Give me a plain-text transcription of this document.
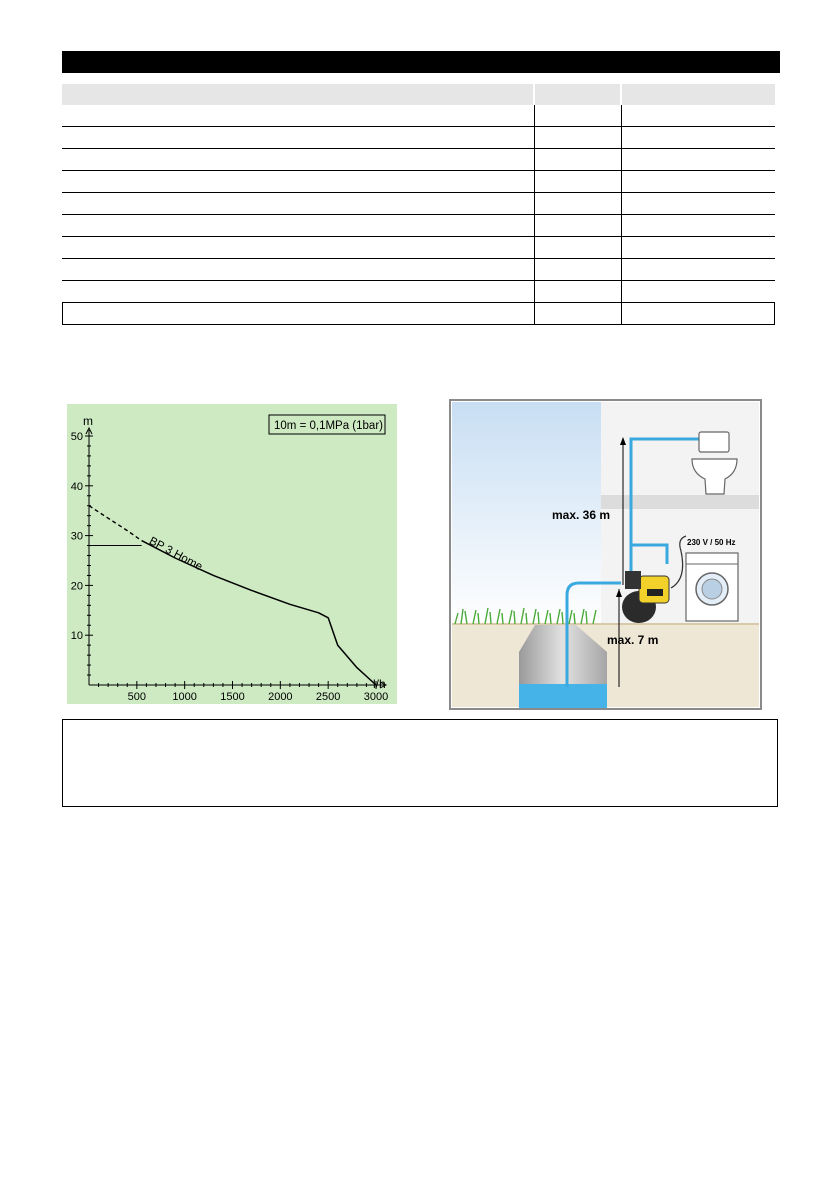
10
20
30
40
50
500 1000 1500 2000 2500 3000
m
l/h
10m = 0,1MPa (1bar)
BP 3 Home
max. 36 m
max. 7 m
230 V / 50 Hz
